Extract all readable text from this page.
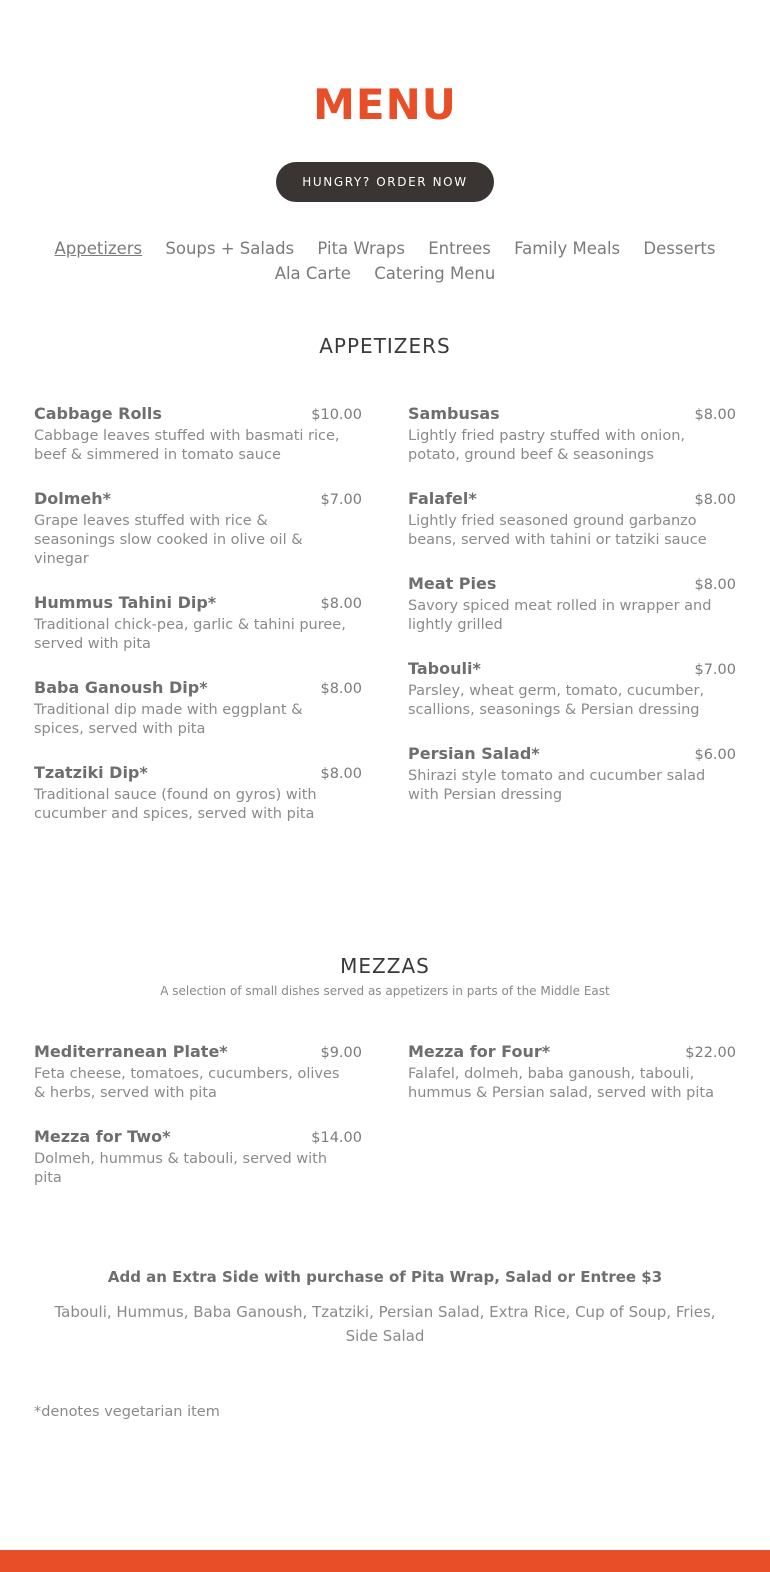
MENU
HUNGRY? ORDER NOW
Appetizers Soups + Salads Pita Wraps Entrees Family Meals Desserts
Ala Carte Catering Menu
APPETIZERS
Cabbage Rolls	$10.00
Cabbage leaves stuffed with basmati rice, beef & simmered in tomato sauce
Dolmeh*	$7.00
Grape leaves stuffed with rice & seasonings slow cooked in olive oil & vinegar
Hummus Tahini Dip*	$8.00
Traditional chick-pea, garlic & tahini puree, served with pita
Baba Ganoush Dip*	$8.00
Traditional dip made with eggplant & spices, served with pita
Tzatziki Dip*	$8.00
Traditional sauce (found on gyros) with cucumber and spices, served with pita
Sambusas	$8.00
Lightly fried pastry stuffed with onion, potato, ground beef & seasonings
Falafel*	$8.00
Lightly fried seasoned ground garbanzo beans, served with tahini or tatziki sauce
Meat Pies	$8.00
Savory spiced meat rolled in wrapper and lightly grilled
Tabouli*	$7.00
Parsley, wheat germ, tomato, cucumber, scallions, seasonings & Persian dressing
Persian Salad*	$6.00
Shirazi style tomato and cucumber salad with Persian dressing
MEZZAS
A selection of small dishes served as appetizers in parts of the Middle East
Mediterranean Plate*	$9.00
Feta cheese, tomatoes, cucumbers, olives & herbs, served with pita
Mezza for Two*	$14.00
Dolmeh, hummus & tabouli, served with pita
Mezza for Four*	$22.00
Falafel, dolmeh, baba ganoush, tabouli, hummus & Persian salad, served with pita
Add an Extra Side with purchase of Pita Wrap, Salad or Entree $3
Tabouli, Hummus, Baba Ganoush, Tzatziki, Persian Salad, Extra Rice, Cup of Soup, Fries, Side Salad
*denotes vegetarian item
